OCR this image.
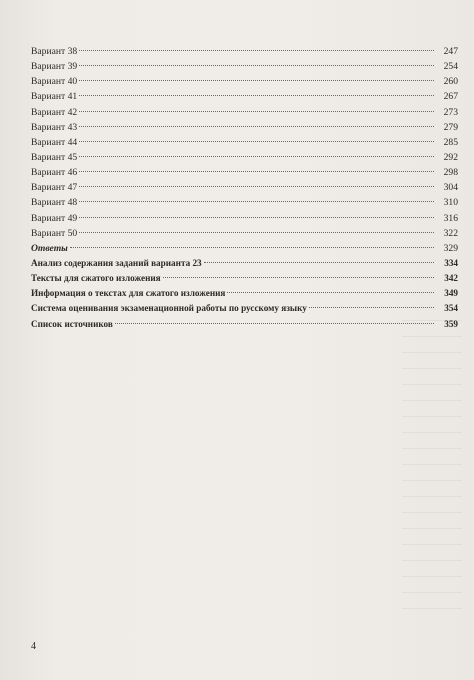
Вариант 38	247
Вариант 39	254
Вариант 40	260
Вариант 41	267
Вариант 42	273
Вариант 43	279
Вариант 44	285
Вариант 45	292
Вариант 46	298
Вариант 47	304
Вариант 48	310
Вариант 49	316
Вариант 50	322
Ответы	329
Анализ содержания заданий варианта 23	334
Тексты для сжатого изложения	342
Информация о текстах для сжатого изложения	349
Система оценивания экзаменационной работы по русскому языку	354
Список источников	359
4
